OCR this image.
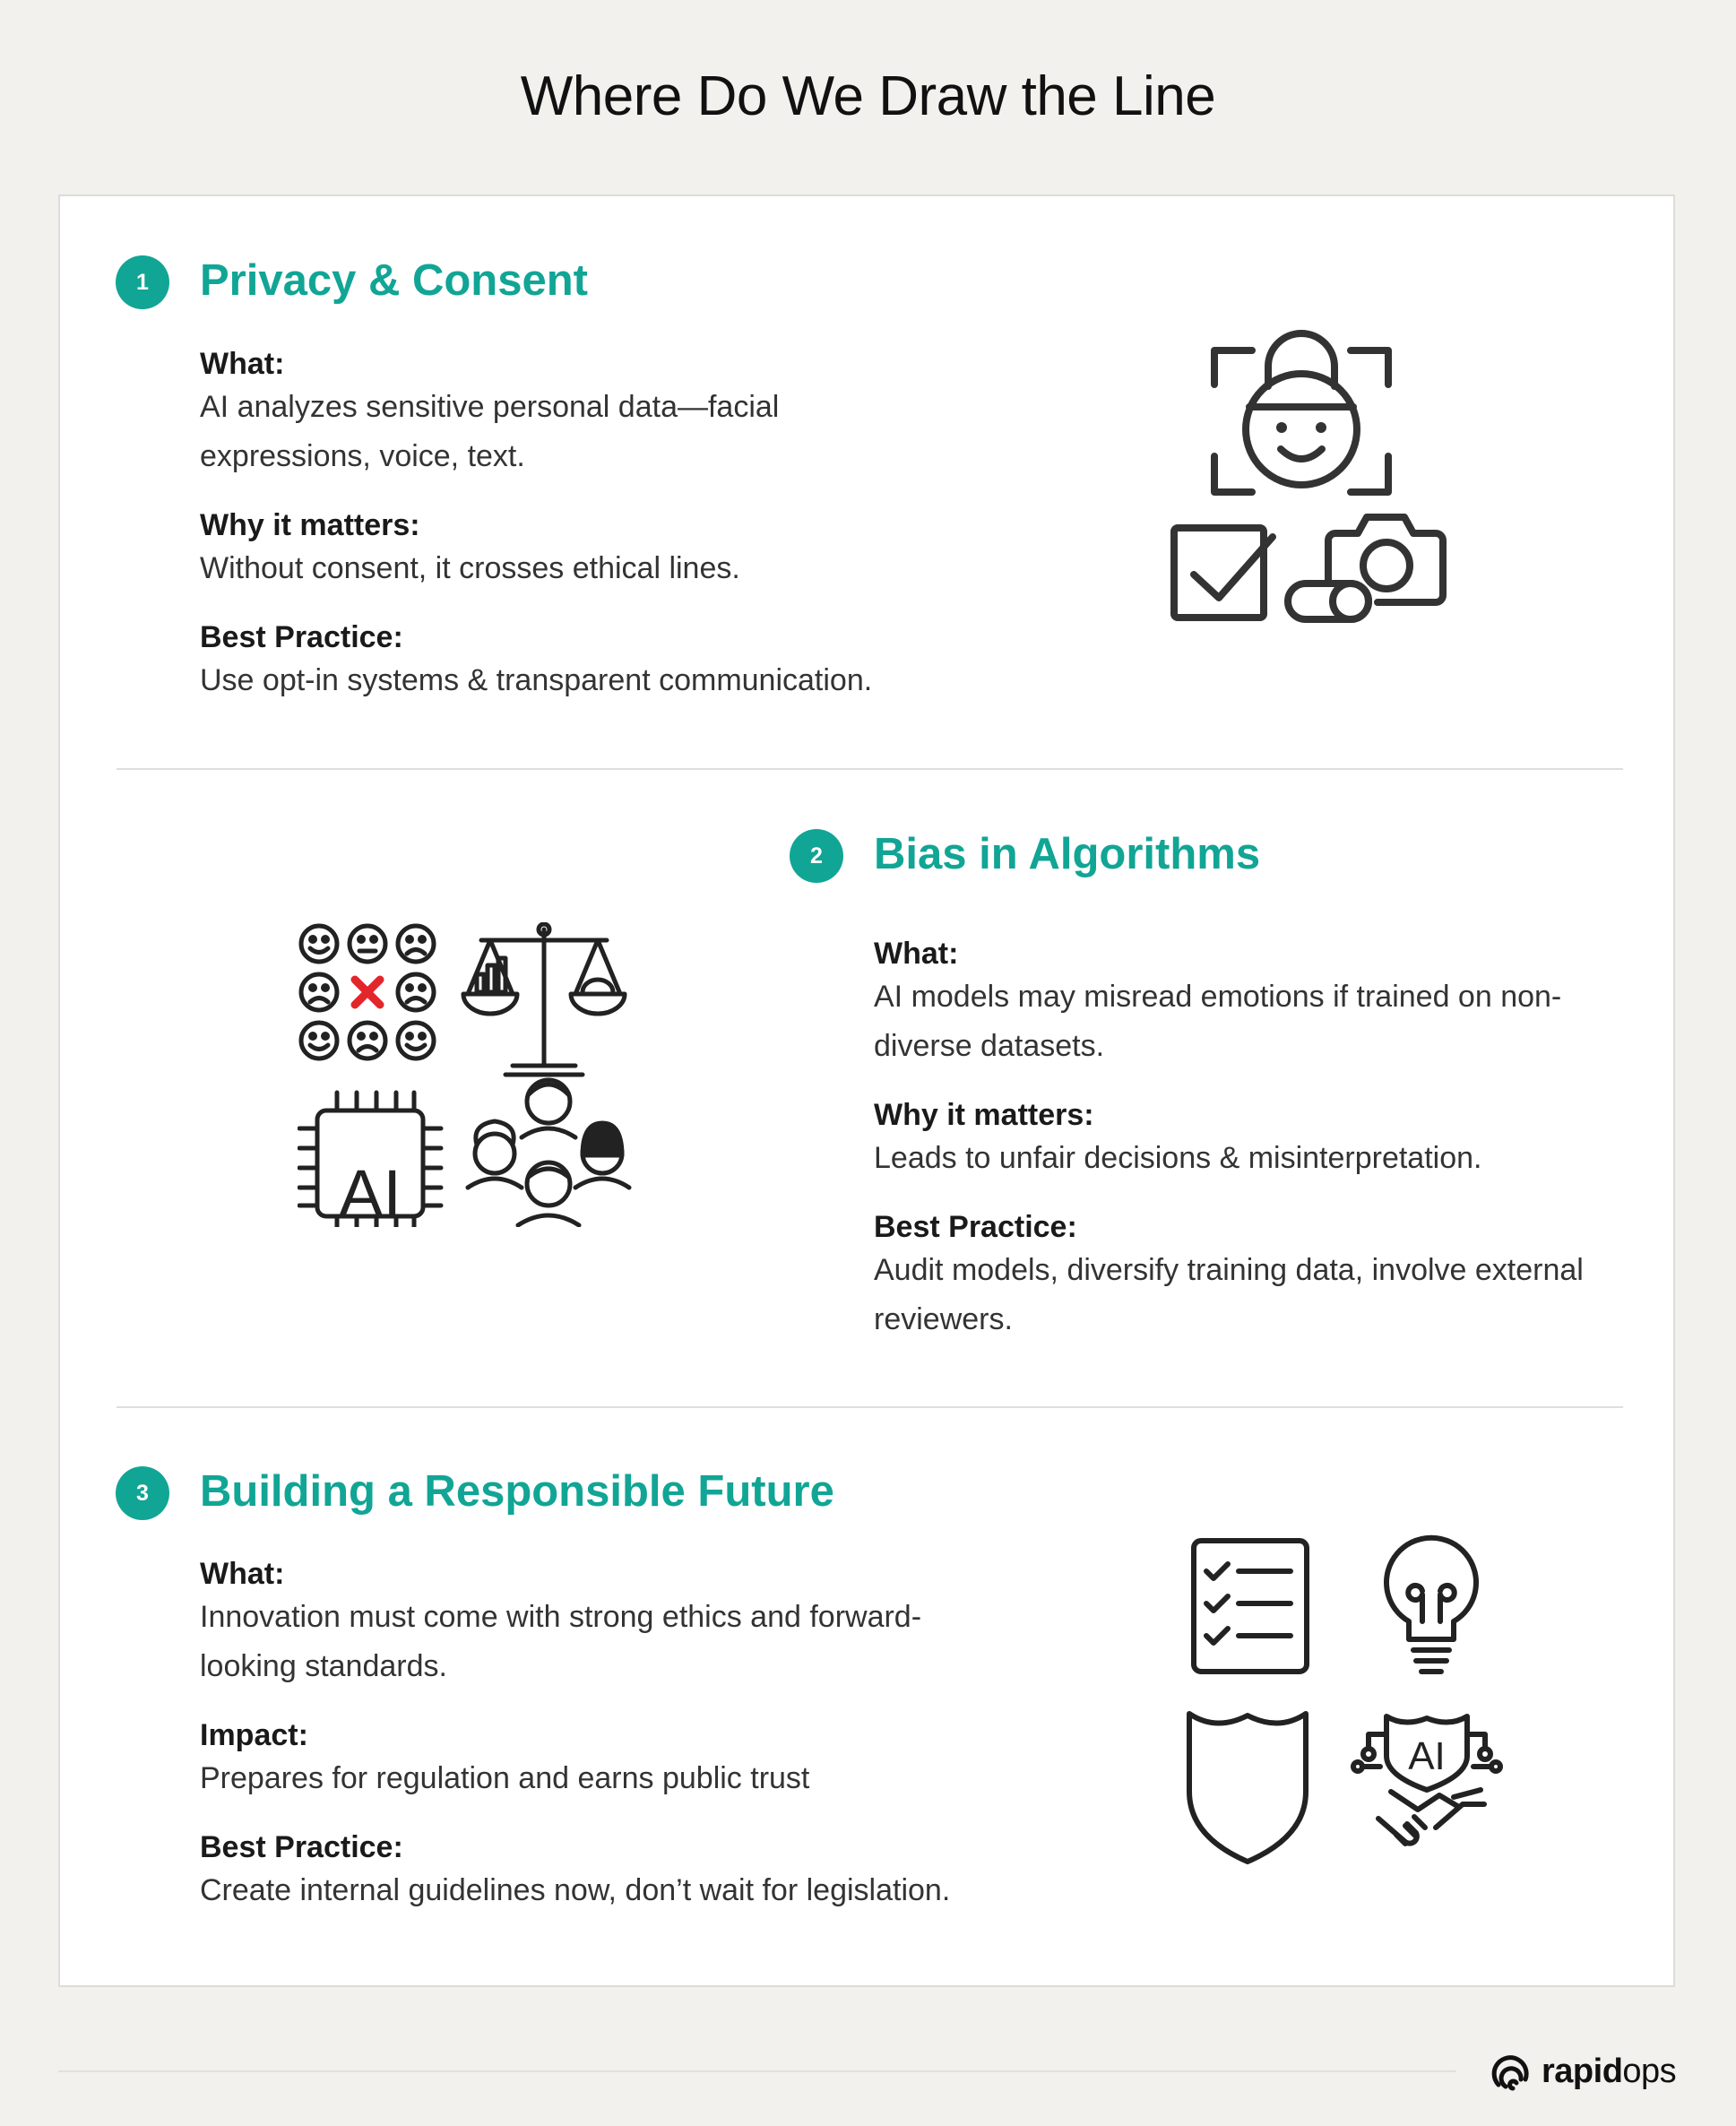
Where Do We Draw the Line
1	Privacy & Consent
What:
AI analyzes sensitive personal data—facial expressions, voice, text.
Why it matters:
Without consent, it crosses ethical lines.
Best Practice:
Use opt-in systems & transparent communication.
AI
2	Bias in Algorithms
What:
AI models may misread emotions if trained on non-diverse datasets.
Why it matters:
Leads to unfair decisions & misinterpretation.
Best Practice:
Audit models, diversify training data, involve external reviewers.
3	Building a Responsible Future
What:
Innovation must come with strong ethics and forward-looking standards.
Impact:
Prepares for regulation and earns public trust
Best Practice:
Create internal guidelines now, don’t wait for legislation.
AI
rapidops
